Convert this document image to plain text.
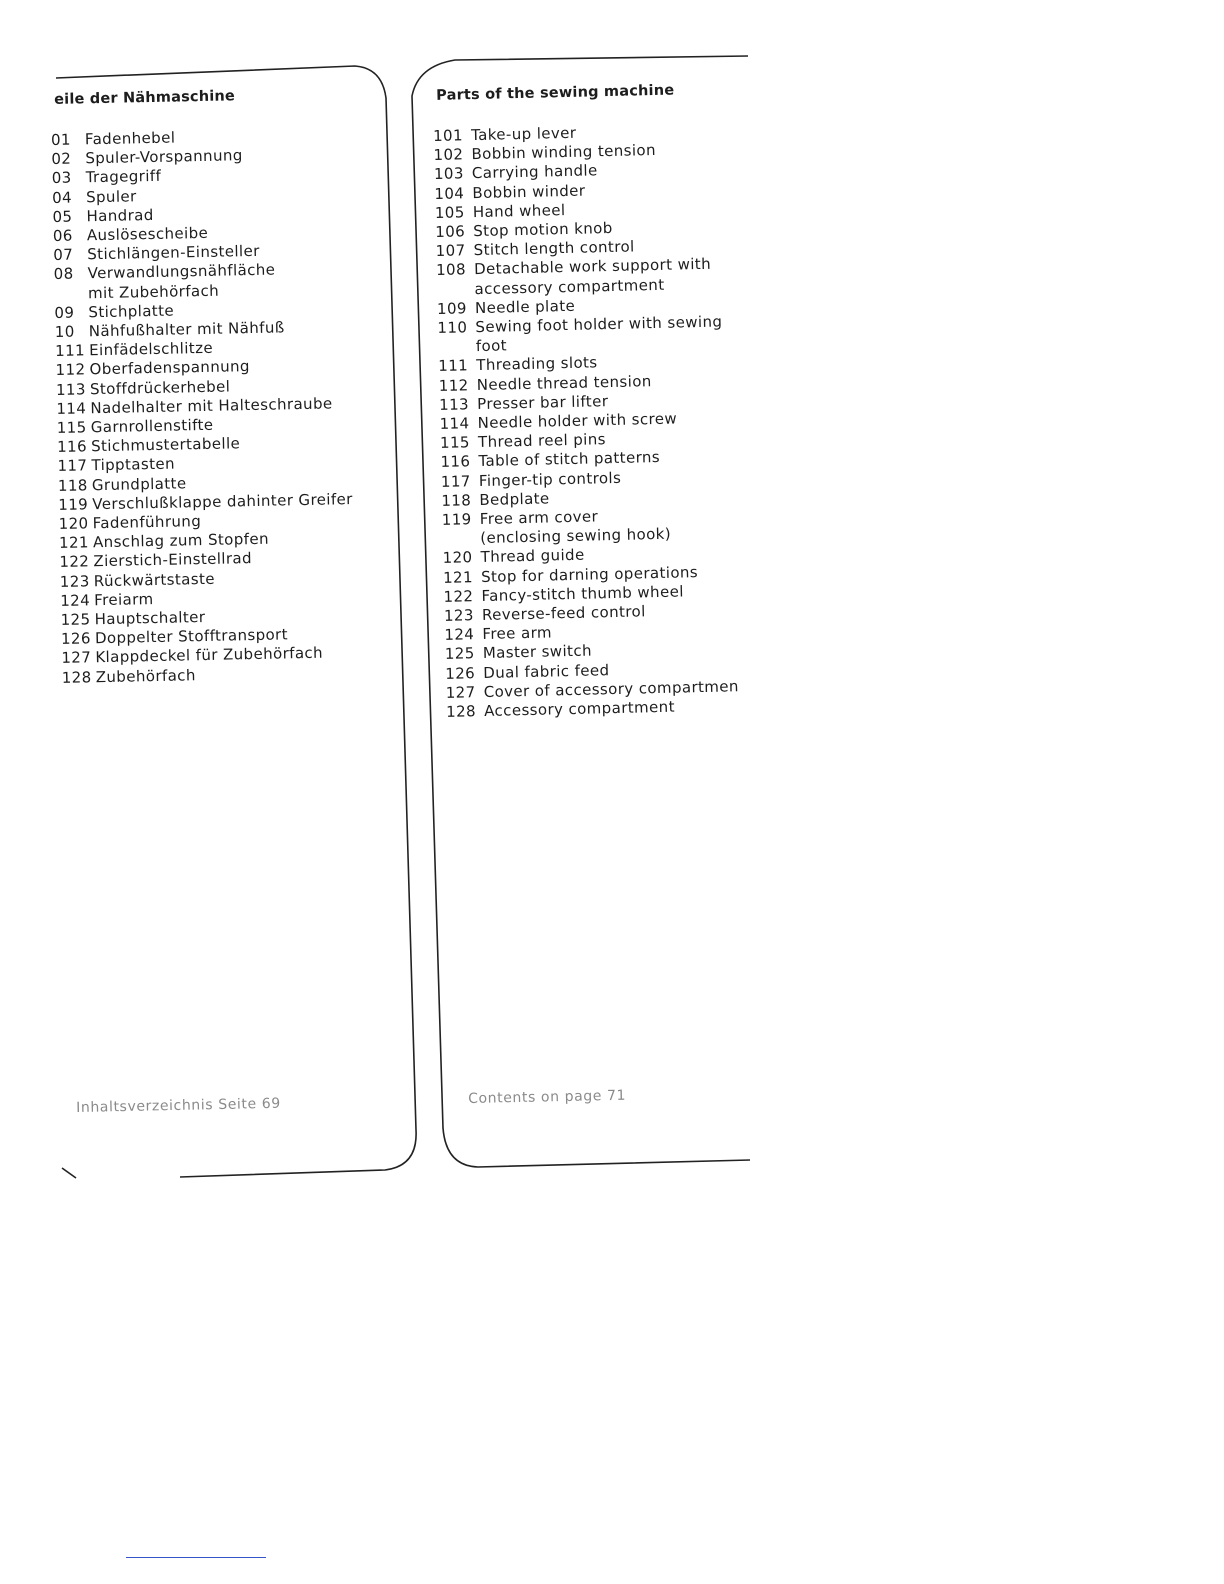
eile der Nähmaschine
01 Fadenhebel
02 Spuler-Vorspannung
03 Tragegriff
04 Spuler
05 Handrad
06 Auslösescheibe
07 Stichlängen-Einsteller
08 Verwandlungsnähfläche
mit Zubehörfach
09 Stichplatte
10 Nähfußhalter mit Nähfuß
111 Einfädelschlitze
112 Oberfadenspannung
113 Stoffdrückerhebel
114 Nadelhalter mit Halteschraube
115 Garnrollenstifte
116 Stichmustertabelle
117 Tipptasten
118 Grundplatte
119 Verschlußklappe dahinter Greifer
120 Fadenführung
121 Anschlag zum Stopfen
122 Zierstich-Einstellrad
123 Rückwärtstaste
124 Freiarm
125 Hauptschalter
126 Doppelter Stofftransport
127 Klappdeckel für Zubehörfach
128 Zubehörfach
Parts of the sewing machine
101 Take-up lever
102 Bobbin winding tension
103 Carrying handle
104 Bobbin winder
105 Hand wheel
106 Stop motion knob
107 Stitch length control
108 Detachable work support with
accessory compartment
109 Needle plate
110 Sewing foot holder with sewing
foot
111 Threading slots
112 Needle thread tension
113 Presser bar lifter
114 Needle holder with screw
115 Thread reel pins
116 Table of stitch patterns
117 Finger-tip controls
118 Bedplate
119 Free arm cover
(enclosing sewing hook)
120 Thread guide
121 Stop for darning operations
122 Fancy-stitch thumb wheel
123 Reverse-feed control
124 Free arm
125 Master switch
126 Dual fabric feed
127 Cover of accessory compartmen
128 Accessory compartment
Inhaltsverzeichnis Seite 69	Contents on page 71
